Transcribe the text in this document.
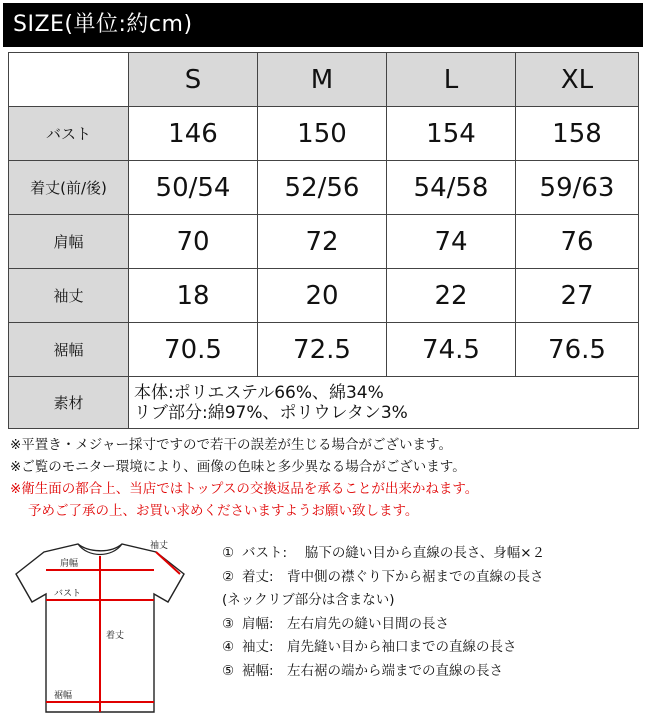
SIZE(単位:約cm)
	S	M	L	XL
バスト	146	150	154	158
着丈(前/後)	50/54	52/56	54/58	59/63
肩幅	70	72	74	76
袖丈	18	20	22	27
裾幅	70.5	72.5	74.5	76.5
素材	本体:ポリエステル66%、綿34%
リブ部分:綿97%、ポリウレタン3%			
※平置き・メジャー採寸ですので若干の誤差が生じる場合がございます。
※ご覧のモニター環境により、画像の色味と多少異なる場合がございます。
※衛生面の都合上、当店ではトップスの交換返品を承ることが出来かねます。
予めご了承の上、お買い求めくださいますようお願い致します。
肩幅
袖丈
バスト
着丈
裾幅
① バスト:　 脇下の縫い目から直線の長さ、身幅×２
② 着丈:　背中側の襟ぐり下から裾までの直線の長さ
(ネックリブ部分は含まない)
③ 肩幅:　左右肩先の縫い目間の長さ
④ 袖丈:　肩先縫い目から袖口までの直線の長さ
⑤ 裾幅:　左右裾の端から端までの直線の長さ
